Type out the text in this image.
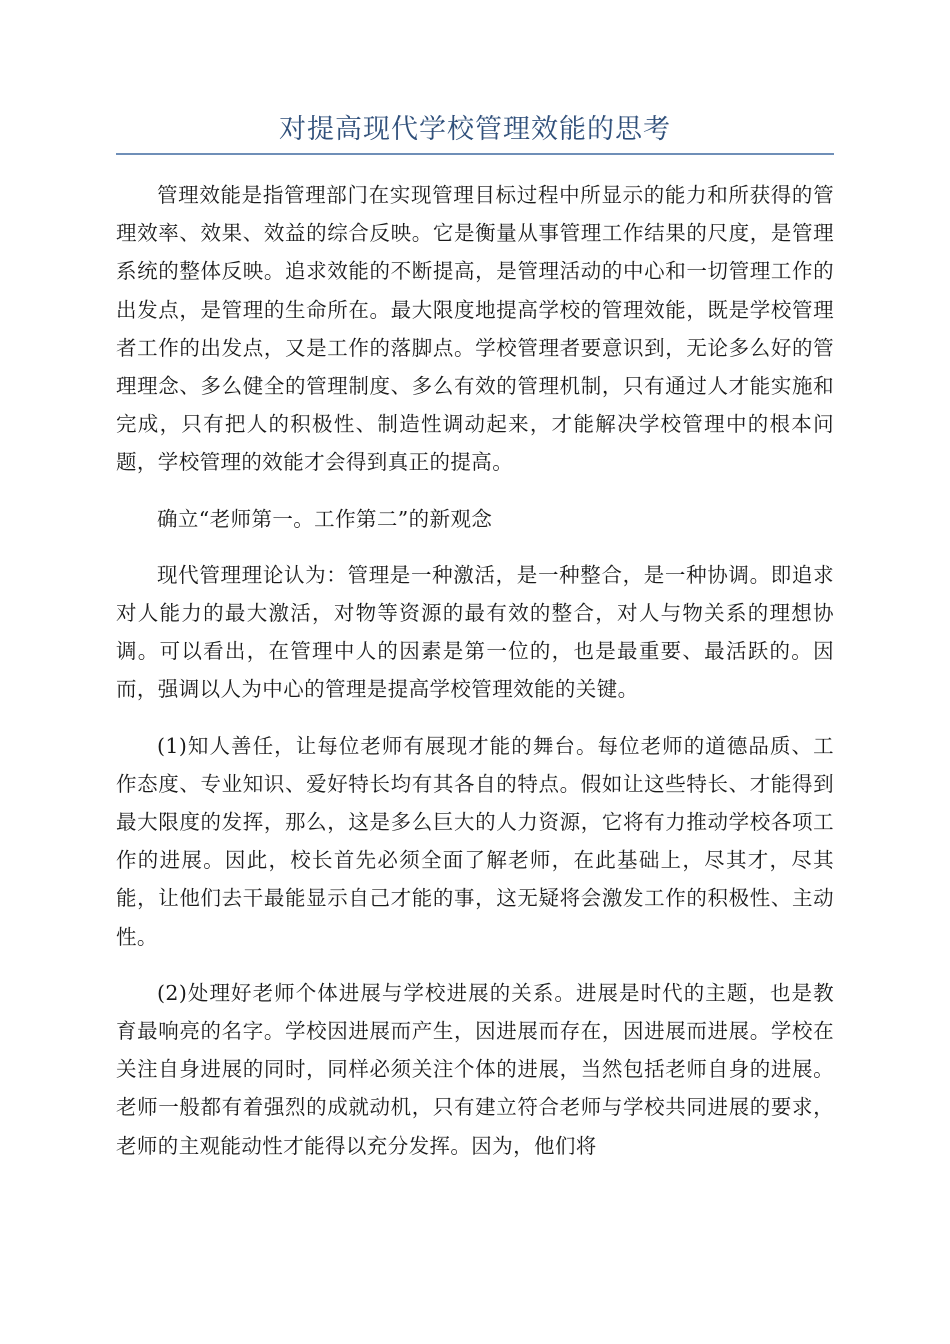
对提高现代学校管理效能的思考

管理效能是指管理部门在实现管理目标过程中所显示的能力和所获得的管理效率、效果、效益的综合反映。它是衡量从事管理工作结果的尺度，是管理系统的整体反映。追求效能的不断提高，是管理活动的中心和一切管理工作的出发点，是管理的生命所在。最大限度地提高学校的管理效能，既是学校管理者工作的出发点，又是工作的落脚点。学校管理者要意识到，无论多么好的管理理念、多么健全的管理制度、多么有效的管理机制，只有通过人才能实施和完成，只有把人的积极性、制造性调动起来，才能解决学校管理中的根本问题，学校管理的效能才会得到真正的提高。

确立“老师第一。工作第二”的新观念

现代管理理论认为：管理是一种激活，是一种整合，是一种协调。即追求对人能力的最大激活，对物等资源的最有效的整合，对人与物关系的理想协调。可以看出，在管理中人的因素是第一位的，也是最重要、最活跃的。因而，强调以人为中心的管理是提高学校管理效能的关键。

(1)知人善任，让每位老师有展现才能的舞台。每位老师的道德品质、工作态度、专业知识、爱好特长均有其各自的特点。假如让这些特长、才能得到最大限度的发挥，那么，这是多么巨大的人力资源，它将有力推动学校各项工作的进展。因此，校长首先必须全面了解老师，在此基础上，尽其才，尽其能，让他们去干最能显示自己才能的事，这无疑将会激发工作的积极性、主动性。

(2)处理好老师个体进展与学校进展的关系。进展是时代的主题，也是教育最响亮的名字。学校因进展而产生，因进展而存在，因进展而进展。学校在关注自身进展的同时，同样必须关注个体的进展，当然包括老师自身的进展。老师一般都有着强烈的成就动机，只有建立符合老师与学校共同进展的要求，老师的主观能动性才能得以充分发挥。因为，他们将
